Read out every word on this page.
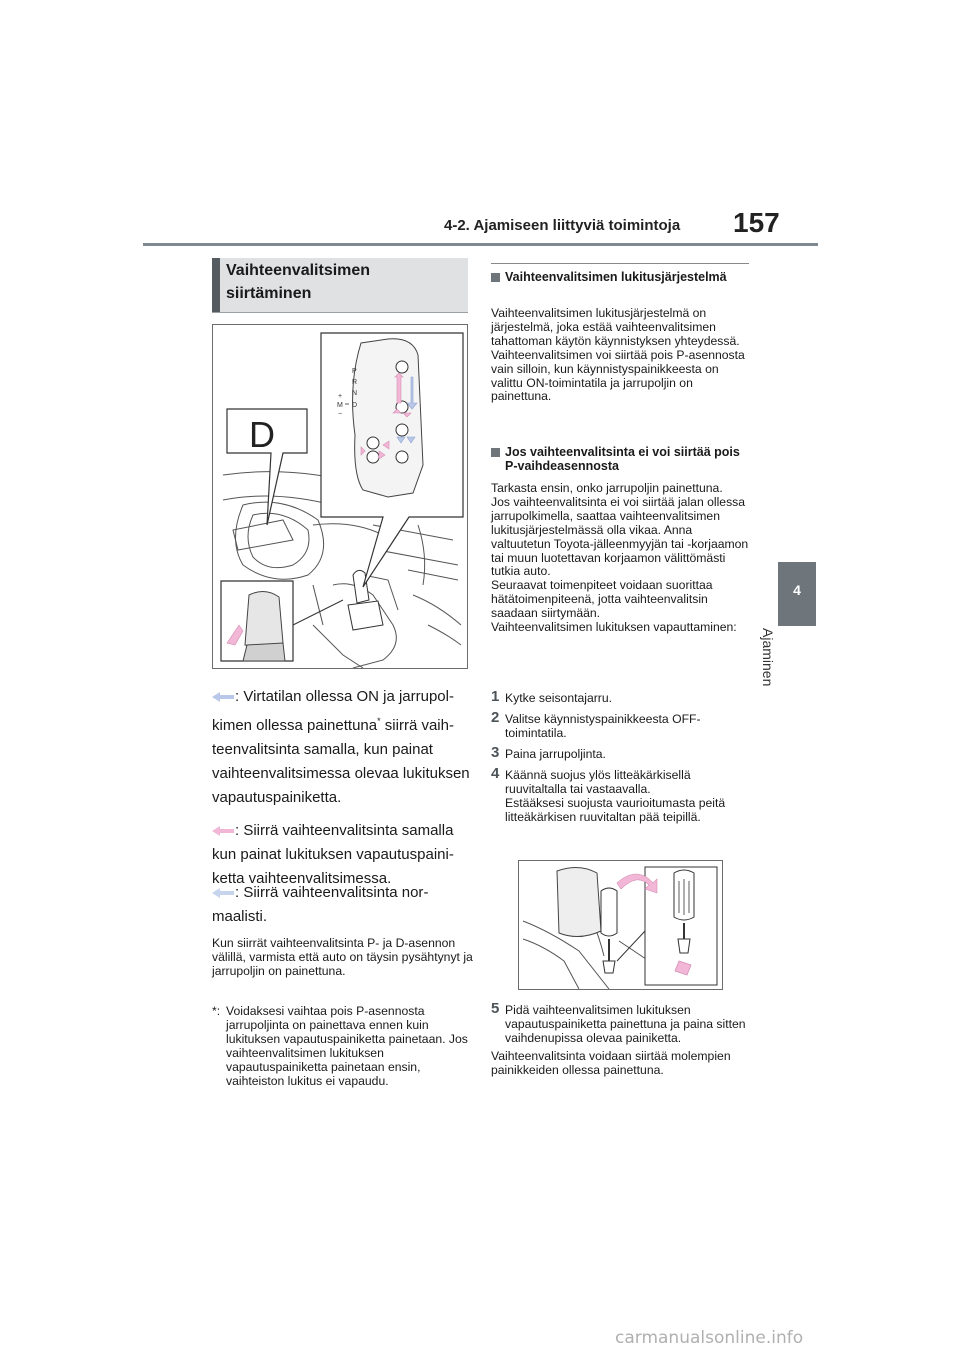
4-2. Ajamiseen liittyviä toimintoja 157
4
Ajaminen
Vaihteenvalitsimen
siirtäminen
D
P
R
N
D
+
M
−
: Virtatilan ollessa ON ja jarrupolkimen ollessa painettuna* siirrä vaihteenvalitsinta samalla, kun painat vaihteenvalitsimessa olevaa lukituksen vapautuspainiketta.
: Siirrä vaihteenvalitsinta samalla kun painat lukituksen vapautuspainiketta vaihteenvalitsimessa.
: Siirrä vaihteenvalitsinta normaalisti.
Kun siirrät vaihteenvalitsinta P- ja D-asennon välillä, varmista että auto on täysin pysähtynyt ja jarrupoljin on painettuna.
*: Voidaksesi vaihtaa pois P-asennosta jarrupoljinta on painettava ennen kuin lukituksen vapautuspainiketta painetaan. Jos vaihteenvalitsimen lukituksen vapautuspainiketta painetaan ensin, vaihteiston lukitus ei vapaudu.
Vaihteenvalitsimen lukitusjärjestelmä
Vaihteenvalitsimen lukitusjärjestelmä on järjestelmä, joka estää vaihteenvalitsimen tahattoman käytön käynnistyksen yhteydessä.
Vaihteenvalitsimen voi siirtää pois P-asennosta vain silloin, kun käynnistyspainikkeesta on valittu ON-toimintatila ja jarrupoljin on painettuna.
Jos vaihteenvalitsinta ei voi siirtää pois P-vaihdeasennosta
Tarkasta ensin, onko jarrupoljin painettuna.
Jos vaihteenvalitsinta ei voi siirtää jalan ollessa jarrupolkimella, saattaa vaihteenvalitsimen lukitusjärjestelmässä olla vikaa. Anna valtuutetun Toyota-jälleenmyyjän tai -korjaamon tai muun luotettavan korjaamon välittömästi tutkia auto.
Seuraavat toimenpiteet voidaan suorittaa hätätoimenpiteenä, jotta vaihteenvalitsin saadaan siirtymään.
Vaihteenvalitsimen lukituksen vapauttaminen:
1 Kytke seisontajarru.
2 Valitse käynnistyspainikkeesta OFF-toimintatila.
3 Paina jarrupoljinta.
4 Käännä suojus ylös litteäkärkisellä ruuvitaltalla tai vastaavalla.
Estääksesi suojusta vaurioitumasta peitä litteäkärkisen ruuvitaltan pää teipillä.
5 Pidä vaihteenvalitsimen lukituksen vapautuspainiketta painettuna ja paina sitten vaihdenupissa olevaa painiketta.
Vaihteenvalitsinta voidaan siirtää molempien painikkeiden ollessa painettuna.
carmanualsonline.info
